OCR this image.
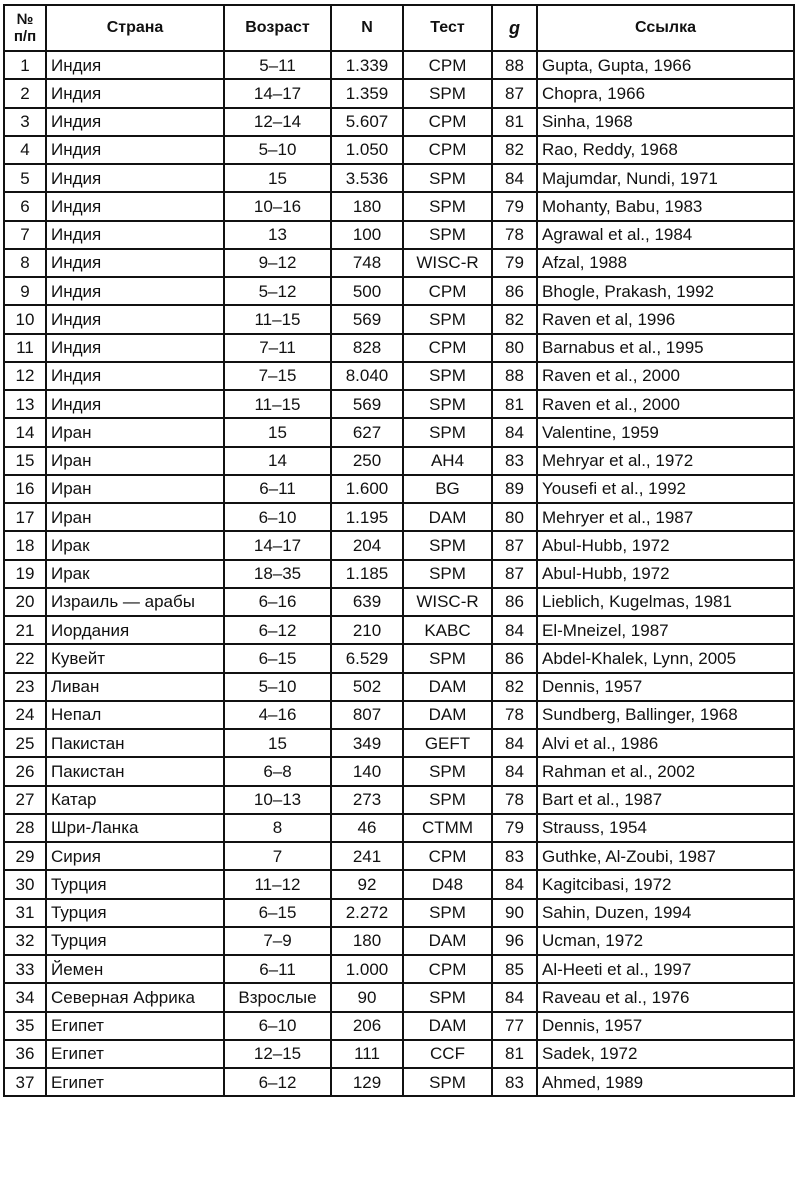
№
п/п	Страна	Возраст	N	Тест	g	Ссылка
1	Индия	5–11	1.339	CPM	88	Gupta, Gupta, 1966
2	Индия	14–17	1.359	SPM	87	Chopra, 1966
3	Индия	12–14	5.607	CPM	81	Sinha, 1968
4	Индия	5–10	1.050	CPM	82	Rao, Reddy, 1968
5	Индия	15	3.536	SPM	84	Majumdar, Nundi, 1971
6	Индия	10–16	180	SPM	79	Mohanty, Babu, 1983
7	Индия	13	100	SPM	78	Agrawal et al., 1984
8	Индия	9–12	748	WISC-R	79	Afzal, 1988
9	Индия	5–12	500	CPM	86	Bhogle, Prakash, 1992
10	Индия	11–15	569	SPM	82	Raven et al, 1996
11	Индия	7–11	828	CPM	80	Barnabus et al., 1995
12	Индия	7–15	8.040	SPM	88	Raven et al., 2000
13	Индия	11–15	569	SPM	81	Raven et al., 2000
14	Иран	15	627	SPM	84	Valentine, 1959
15	Иран	14	250	AH4	83	Mehryar et al., 1972
16	Иран	6–11	1.600	BG	89	Yousefi et al., 1992
17	Иран	6–10	1.195	DAM	80	Mehryer et al., 1987
18	Ирак	14–17	204	SPM	87	Abul-Hubb, 1972
19	Ирак	18–35	1.185	SPM	87	Abul-Hubb, 1972
20	Израиль — арабы	6–16	639	WISC-R	86	Lieblich, Kugelmas, 1981
21	Иордания	6–12	210	KABC	84	El-Mneizel, 1987
22	Кувейт	6–15	6.529	SPM	86	Abdel-Khalek, Lynn, 2005
23	Ливан	5–10	502	DAM	82	Dennis, 1957
24	Непал	4–16	807	DAM	78	Sundberg, Ballinger, 1968
25	Пакистан	15	349	GEFT	84	Alvi et al., 1986
26	Пакистан	6–8	140	SPM	84	Rahman et al., 2002
27	Катар	10–13	273	SPM	78	Bart et al., 1987
28	Шри-Ланка	8	46	CTMM	79	Strauss, 1954
29	Сирия	7	241	CPM	83	Guthke, Al-Zoubi, 1987
30	Турция	11–12	92	D48	84	Kagitcibasi, 1972
31	Турция	6–15	2.272	SPM	90	Sahin, Duzen, 1994
32	Турция	7–9	180	DAM	96	Ucman, 1972
33	Йемен	6–11	1.000	CPM	85	Al-Heeti et al., 1997
34	Северная Африка	Взрослые	90	SPM	84	Raveau et al., 1976
35	Египет	6–10	206	DAM	77	Dennis, 1957
36	Египет	12–15	111	CCF	81	Sadek, 1972
37	Египет	6–12	129	SPM	83	Ahmed, 1989
